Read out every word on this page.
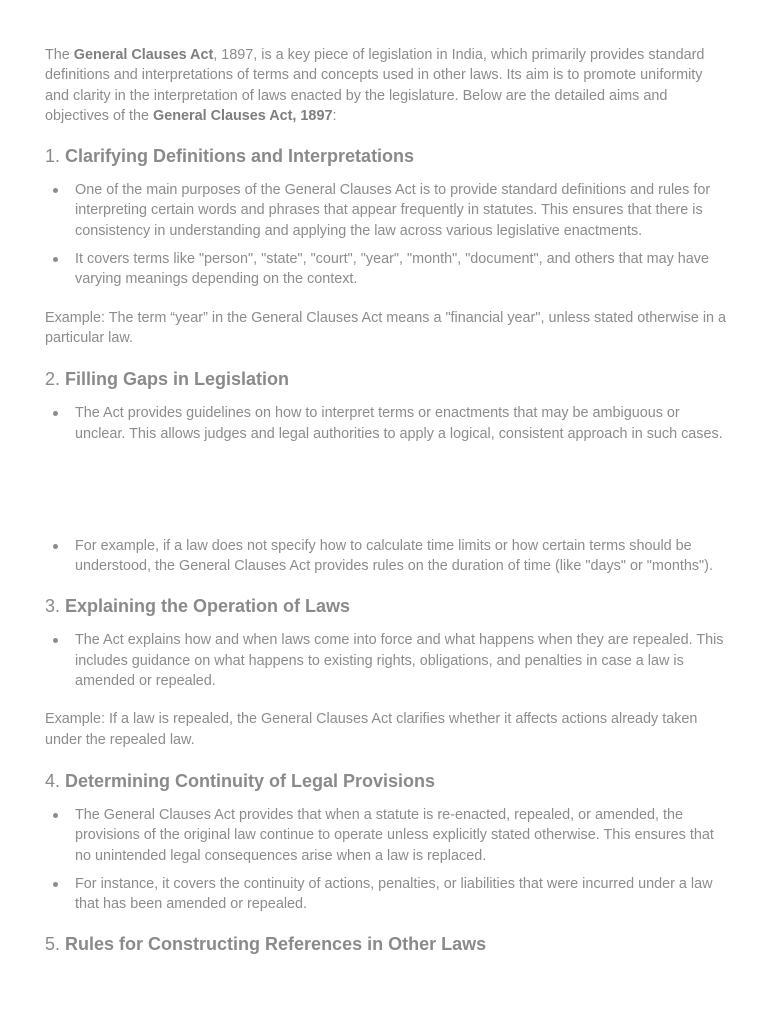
The General Clauses Act, 1897, is a key piece of legislation in India, which primarily provides standard definitions and interpretations of terms and concepts used in other laws. Its aim is to promote uniformity and clarity in the interpretation of laws enacted by the legislature. Below are the detailed aims and objectives of the General Clauses Act, 1897:

1. Clarifying Definitions and Interpretations
One of the main purposes of the General Clauses Act is to provide standard definitions and rules for interpreting certain words and phrases that appear frequently in statutes. This ensures that there is consistency in understanding and applying the law across various legislative enactments.
It covers terms like "person", "state", "court", "year", "month", "document", and others that may have varying meanings depending on the context.

Example: The term “year” in the General Clauses Act means a "financial year", unless stated otherwise in a particular law.

2. Filling Gaps in Legislation
The Act provides guidelines on how to interpret terms or enactments that may be ambiguous or unclear. This allows judges and legal authorities to apply a logical, consistent approach in such cases.
For example, if a law does not specify how to calculate time limits or how certain terms should be understood, the General Clauses Act provides rules on the duration of time (like "days" or "months").
3. Explaining the Operation of Laws
The Act explains how and when laws come into force and what happens when they are repealed. This includes guidance on what happens to existing rights, obligations, and penalties in case a law is amended or repealed.

Example: If a law is repealed, the General Clauses Act clarifies whether it affects actions already taken under the repealed law.

4. Determining Continuity of Legal Provisions
The General Clauses Act provides that when a statute is re-enacted, repealed, or amended, the provisions of the original law continue to operate unless explicitly stated otherwise. This ensures that no unintended legal consequences arise when a law is replaced.
For instance, it covers the continuity of actions, penalties, or liabilities that were incurred under a law that has been amended or repealed.
5. Rules for Constructing References in Other Laws
